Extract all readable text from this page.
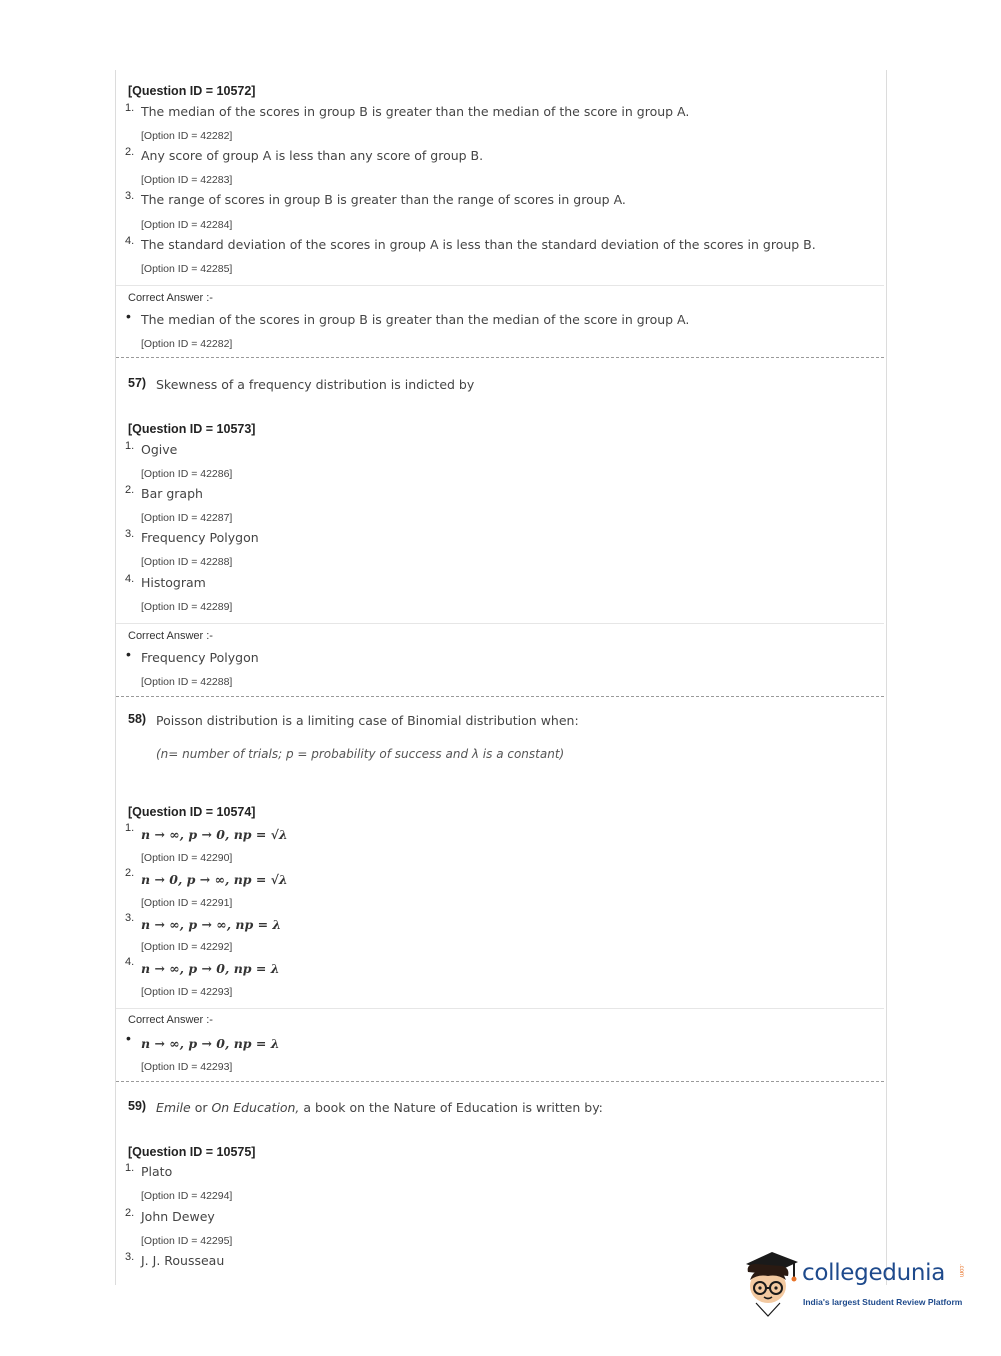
[Question ID = 10572]
1. The median of the scores in group B is greater than the median of the score in group A.
[Option ID = 42282]
2. Any score of group A is less than any score of group B.
[Option ID = 42283]
3. The range of scores in group B is greater than the range of scores in group A.
[Option ID = 42284]
4. The standard deviation of the scores in group A is less than the standard deviation of the scores in group B.
[Option ID = 42285]
Correct Answer :-
• The median of the scores in group B is greater than the median of the score in group A.
[Option ID = 42282]
57) Skewness of a frequency distribution is indicted by
[Question ID = 10573]
1. Ogive
[Option ID = 42286]
2. Bar graph
[Option ID = 42287]
3. Frequency Polygon
[Option ID = 42288]
4. Histogram
[Option ID = 42289]
Correct Answer :-
• Frequency Polygon
[Option ID = 42288]
58) Poisson distribution is a limiting case of Binomial distribution when:
(n= number of trials; p = probability of success and λ is a constant)
[Question ID = 10574]
1. n → ∞, p → 0, np = √λ
[Option ID = 42290]
2. n → 0, p → ∞, np = √λ
[Option ID = 42291]
3. n → ∞, p → ∞, np = λ
[Option ID = 42292]
4. n → ∞, p → 0, np = λ
[Option ID = 42293]
Correct Answer :-
• n → ∞, p → 0, np = λ
[Option ID = 42293]
59) Emile or On Education, a book on the Nature of Education is written by:
[Question ID = 10575]
1. Plato
[Option ID = 42294]
2. John Dewey
[Option ID = 42295]
3. J. J. Rousseau	collegedunia .com
India's largest Student Review Platform
